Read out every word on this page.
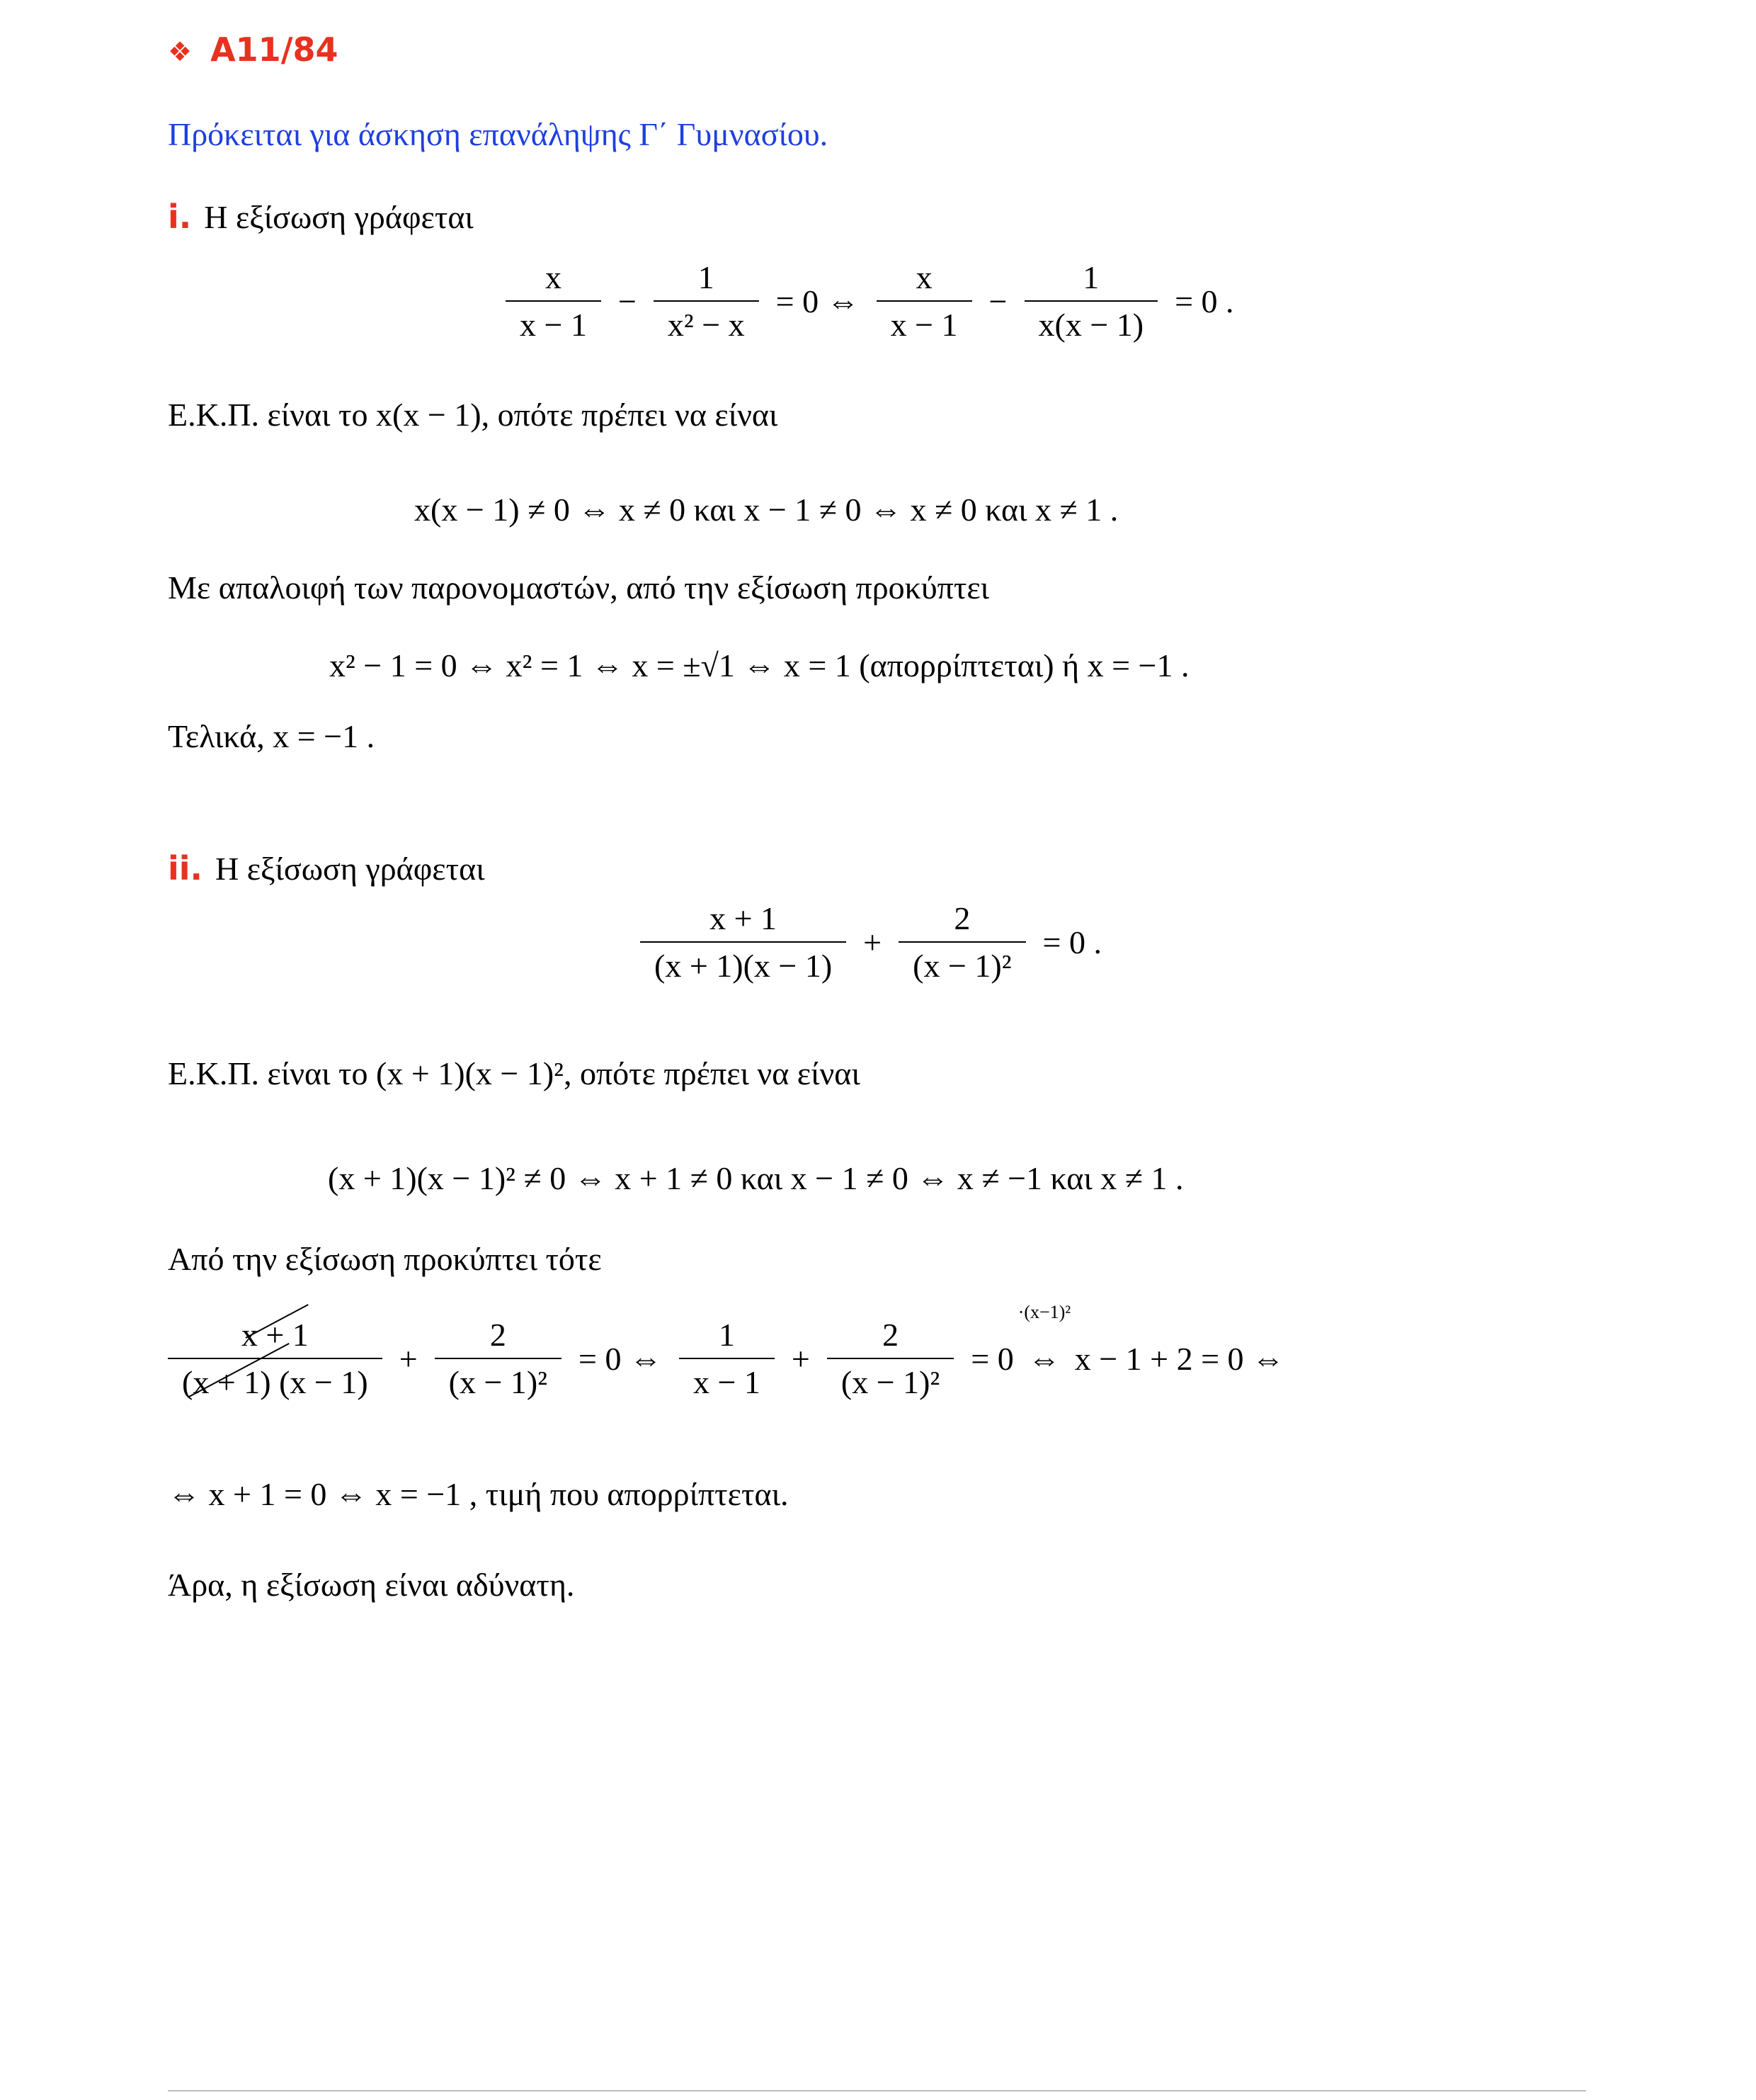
❖ A11/84
Πρόκειται για άσκηση επανάληψης Γ΄ Γυμνασίου.
i. Η εξίσωση γράφεται
$\frac{x}{x - 1} - \frac{1}{\text{x² − x}} = 0$ ⇔ $\frac{x}{x - 1} - \frac{1}{x(x - 1)} = 0$ .
Ε.Κ.Π. είναι το x(x − 1), οπότε πρέπει να είναι
x(x − 1) ≠ 0 ⇔ x ≠ 0 και x − 1 ≠ 0 ⇔ x ≠ 0 και x ≠ 1 .
Με απαλοιφή των παρονομαστών, από την εξίσωση προκύπτει
x² − 1 = 0 ⇔ x² = 1 ⇔ x = ±√1 ⇔ x = 1 (απορρίπτεται) ή x = −1 .
Τελικά, x = −1 .
ii. Η εξίσωση γράφεται
$\frac{x + 1}{(x + 1)(x - 1)} + \frac{2}{\text{(x − 1)²}} = 0$ .
Ε.Κ.Π. είναι το (x + 1)(x − 1)², οπότε πρέπει να είναι
(x + 1)(x − 1)² ≠ 0 ⇔ x + 1 ≠ 0 και x − 1 ≠ 0 ⇔ x ≠ −1 και x ≠ 1 .
Από την εξίσωση προκύπτει τότε
$\frac{x + 1}{(x + 1) (x - 1)} + \frac{2}{\text{(x − 1)²}} = 0$ ⇔ $\frac{1}{x - 1} + \frac{2}{\text{(x − 1)²}} = 0$
·(x−1)²
⇔ x − 1 + 2 = 0 ⇔
⇔ x + 1 = 0 ⇔ x = −1 , τιμή που απορρίπτεται.
Άρα, η εξίσωση είναι αδύνατη.
